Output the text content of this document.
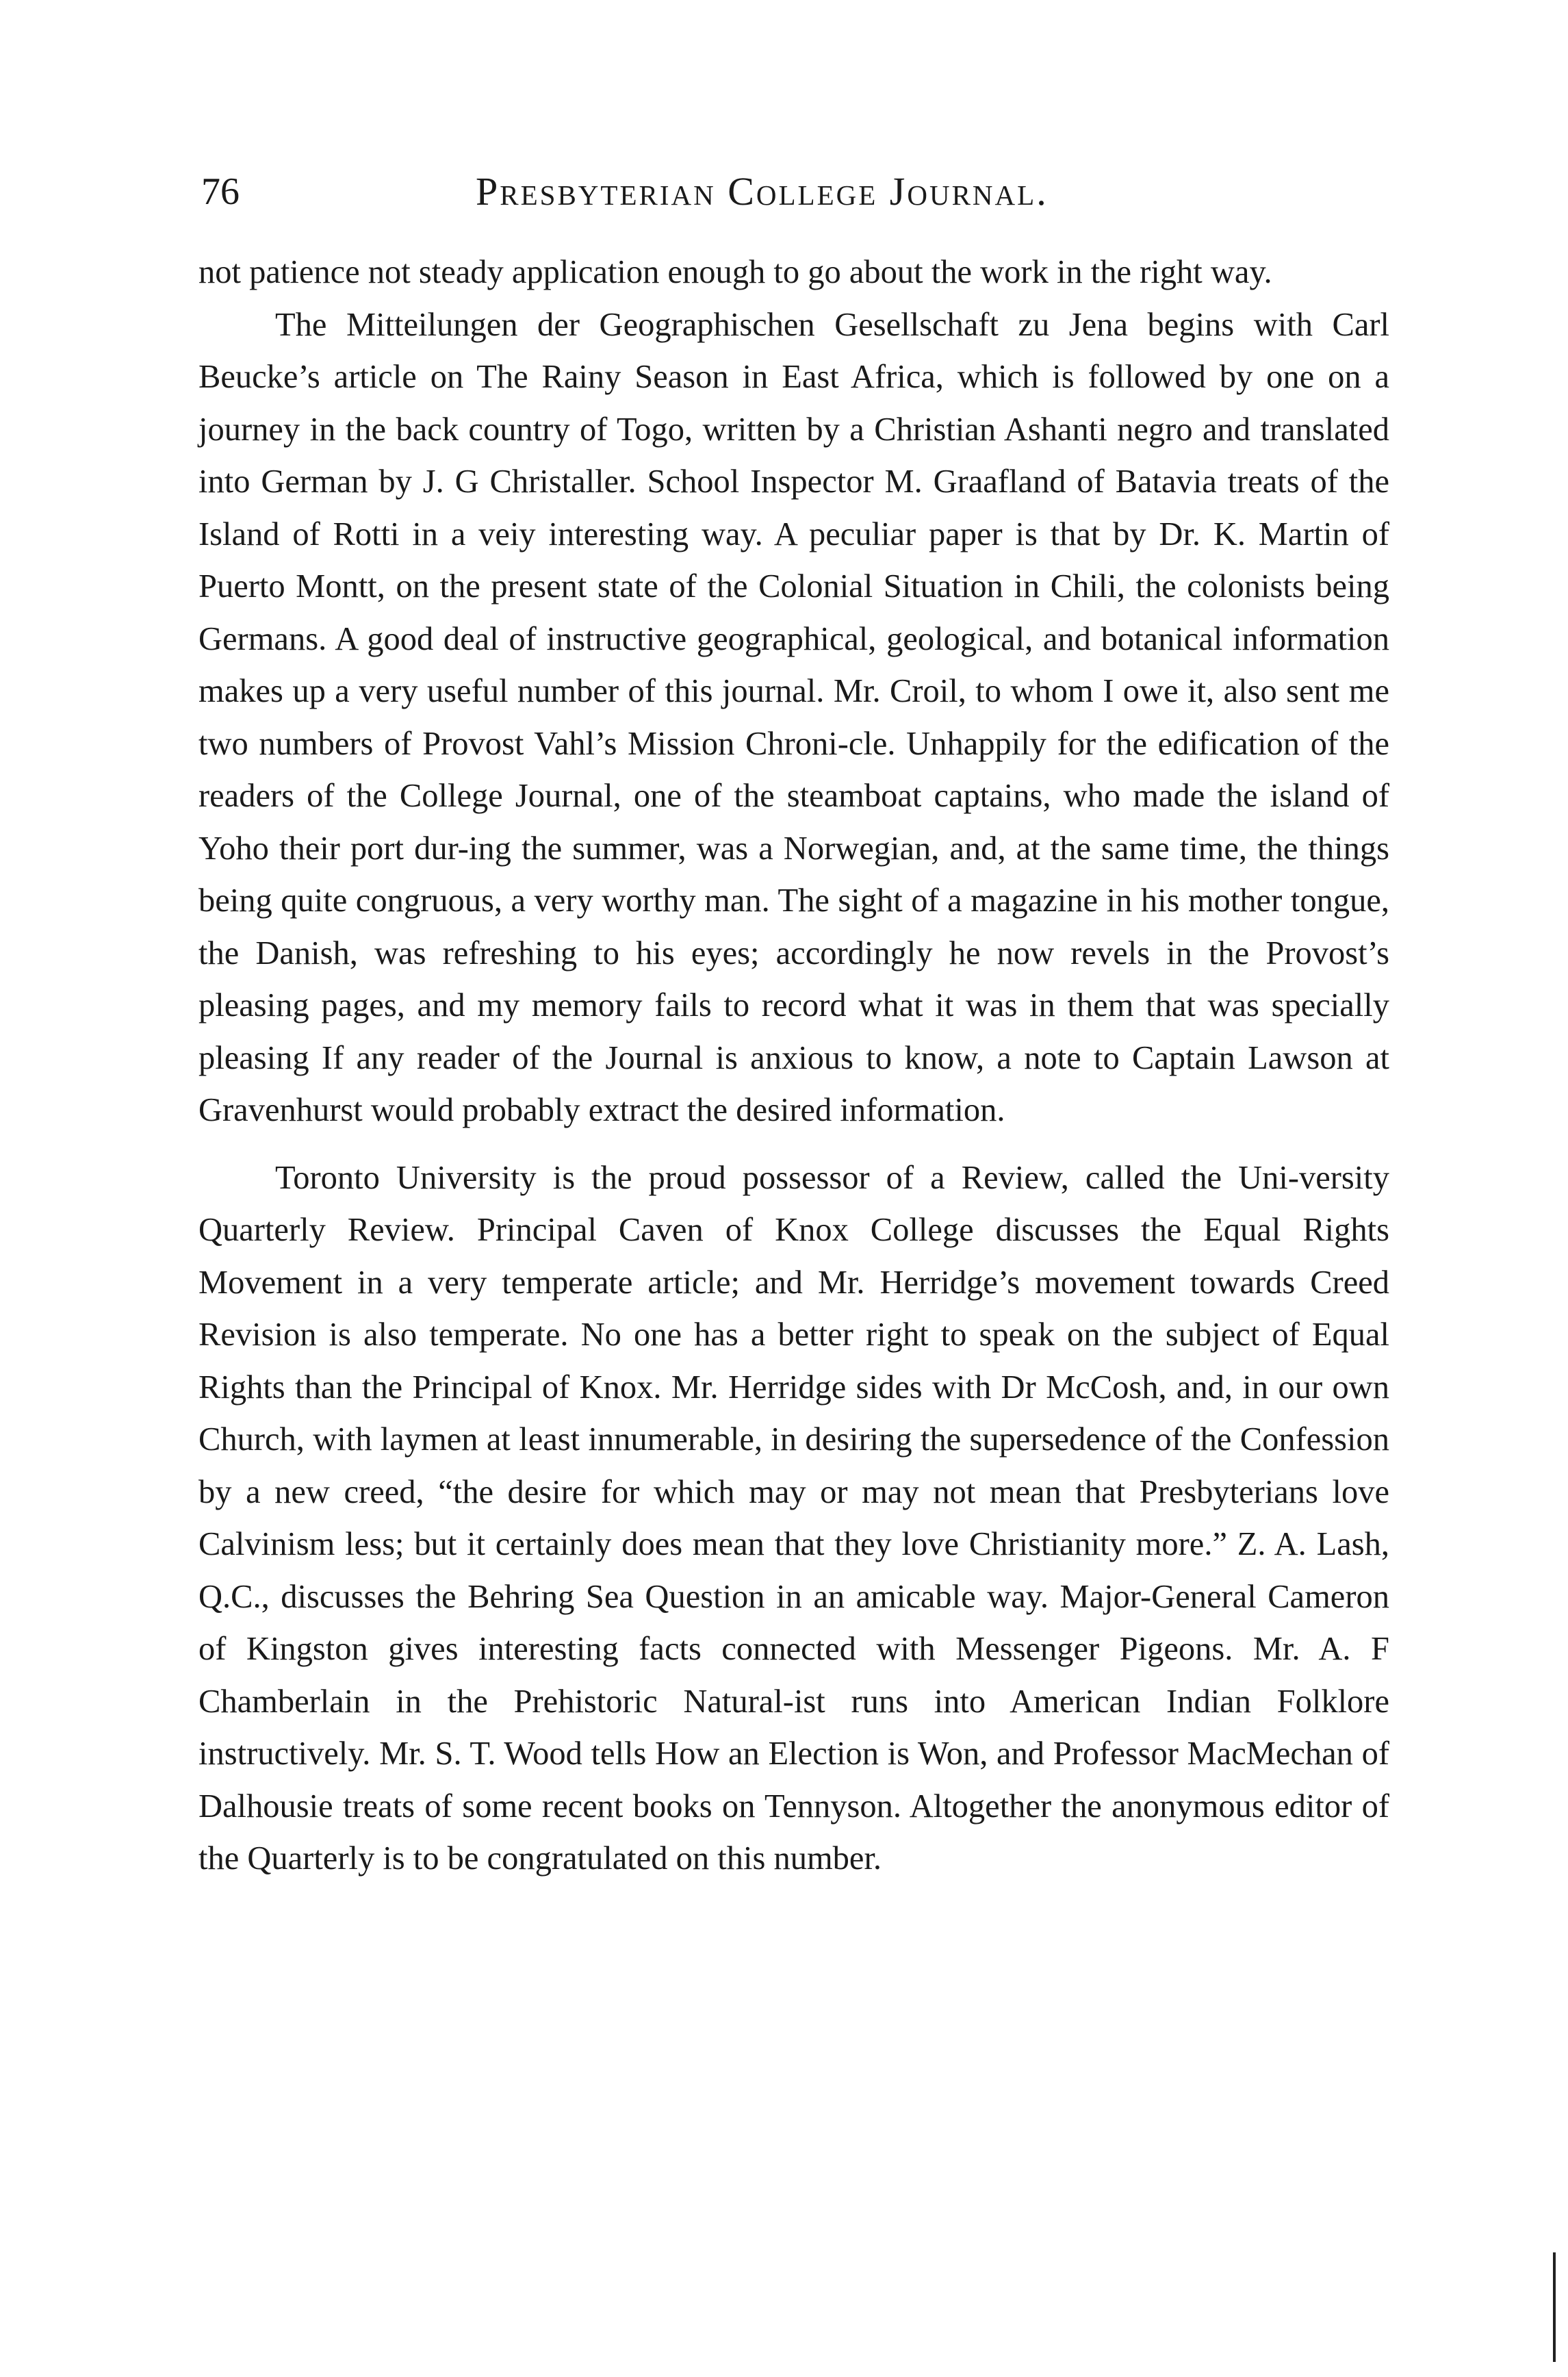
76	Presbyterian College Journal.

not patience not steady application enough to go about the work in the right way.

The Mitteilungen der Geographischen Gesellschaft zu Jena begins with Carl Beucke’s article on The Rainy Season in East Africa, which is followed by one on a journey in the back country of Togo, written by a Christian Ashanti negro and translated into German by J. G Christaller. School Inspector M. Graafland of Batavia treats of the Island of Rotti in a veiy interesting way. A peculiar paper is that by Dr. K. Martin of Puerto Montt, on the present state of the Colonial Situation in Chili, the colonists being Germans. A good deal of instructive geographical, geological, and botanical information makes up a very useful number of this journal. Mr. Croil, to whom I owe it, also sent me two numbers of Provost Vahl’s Mission Chroni-cle. Unhappily for the edification of the readers of the College Journal, one of the steamboat captains, who made the island of Yoho their port dur-ing the summer, was a Norwegian, and, at the same time, the things being quite congruous, a very worthy man. The sight of a magazine in his mother tongue, the Danish, was refreshing to his eyes; accordingly he now revels in the Provost’s pleasing pages, and my memory fails to record what it was in them that was specially pleasing If any reader of the Journal is anxious to know, a note to Captain Lawson at Gravenhurst would probably extract the desired information.

Toronto University is the proud possessor of a Review, called the Uni-versity Quarterly Review. Principal Caven of Knox College discusses the Equal Rights Movement in a very temperate article; and Mr. Herridge’s movement towards Creed Revision is also temperate. No one has a better right to speak on the subject of Equal Rights than the Principal of Knox. Mr. Herridge sides with Dr McCosh, and, in our own Church, with laymen at least innumerable, in desiring the supersedence of the Confession by a new creed, “the desire for which may or may not mean that Presbyterians love Calvinism less; but it certainly does mean that they love Christianity more.” Z. A. Lash, Q.C., discusses the Behring Sea Question in an amicable way. Major-General Cameron of Kingston gives interesting facts connected with Messenger Pigeons. Mr. A. F Chamberlain in the Prehistoric Natural-ist runs into American Indian Folklore instructively. Mr. S. T. Wood tells How an Election is Won, and Professor MacMechan of Dalhousie treats of some recent books on Tennyson. Altogether the anonymous editor of the Quarterly is to be congratulated on this number.
